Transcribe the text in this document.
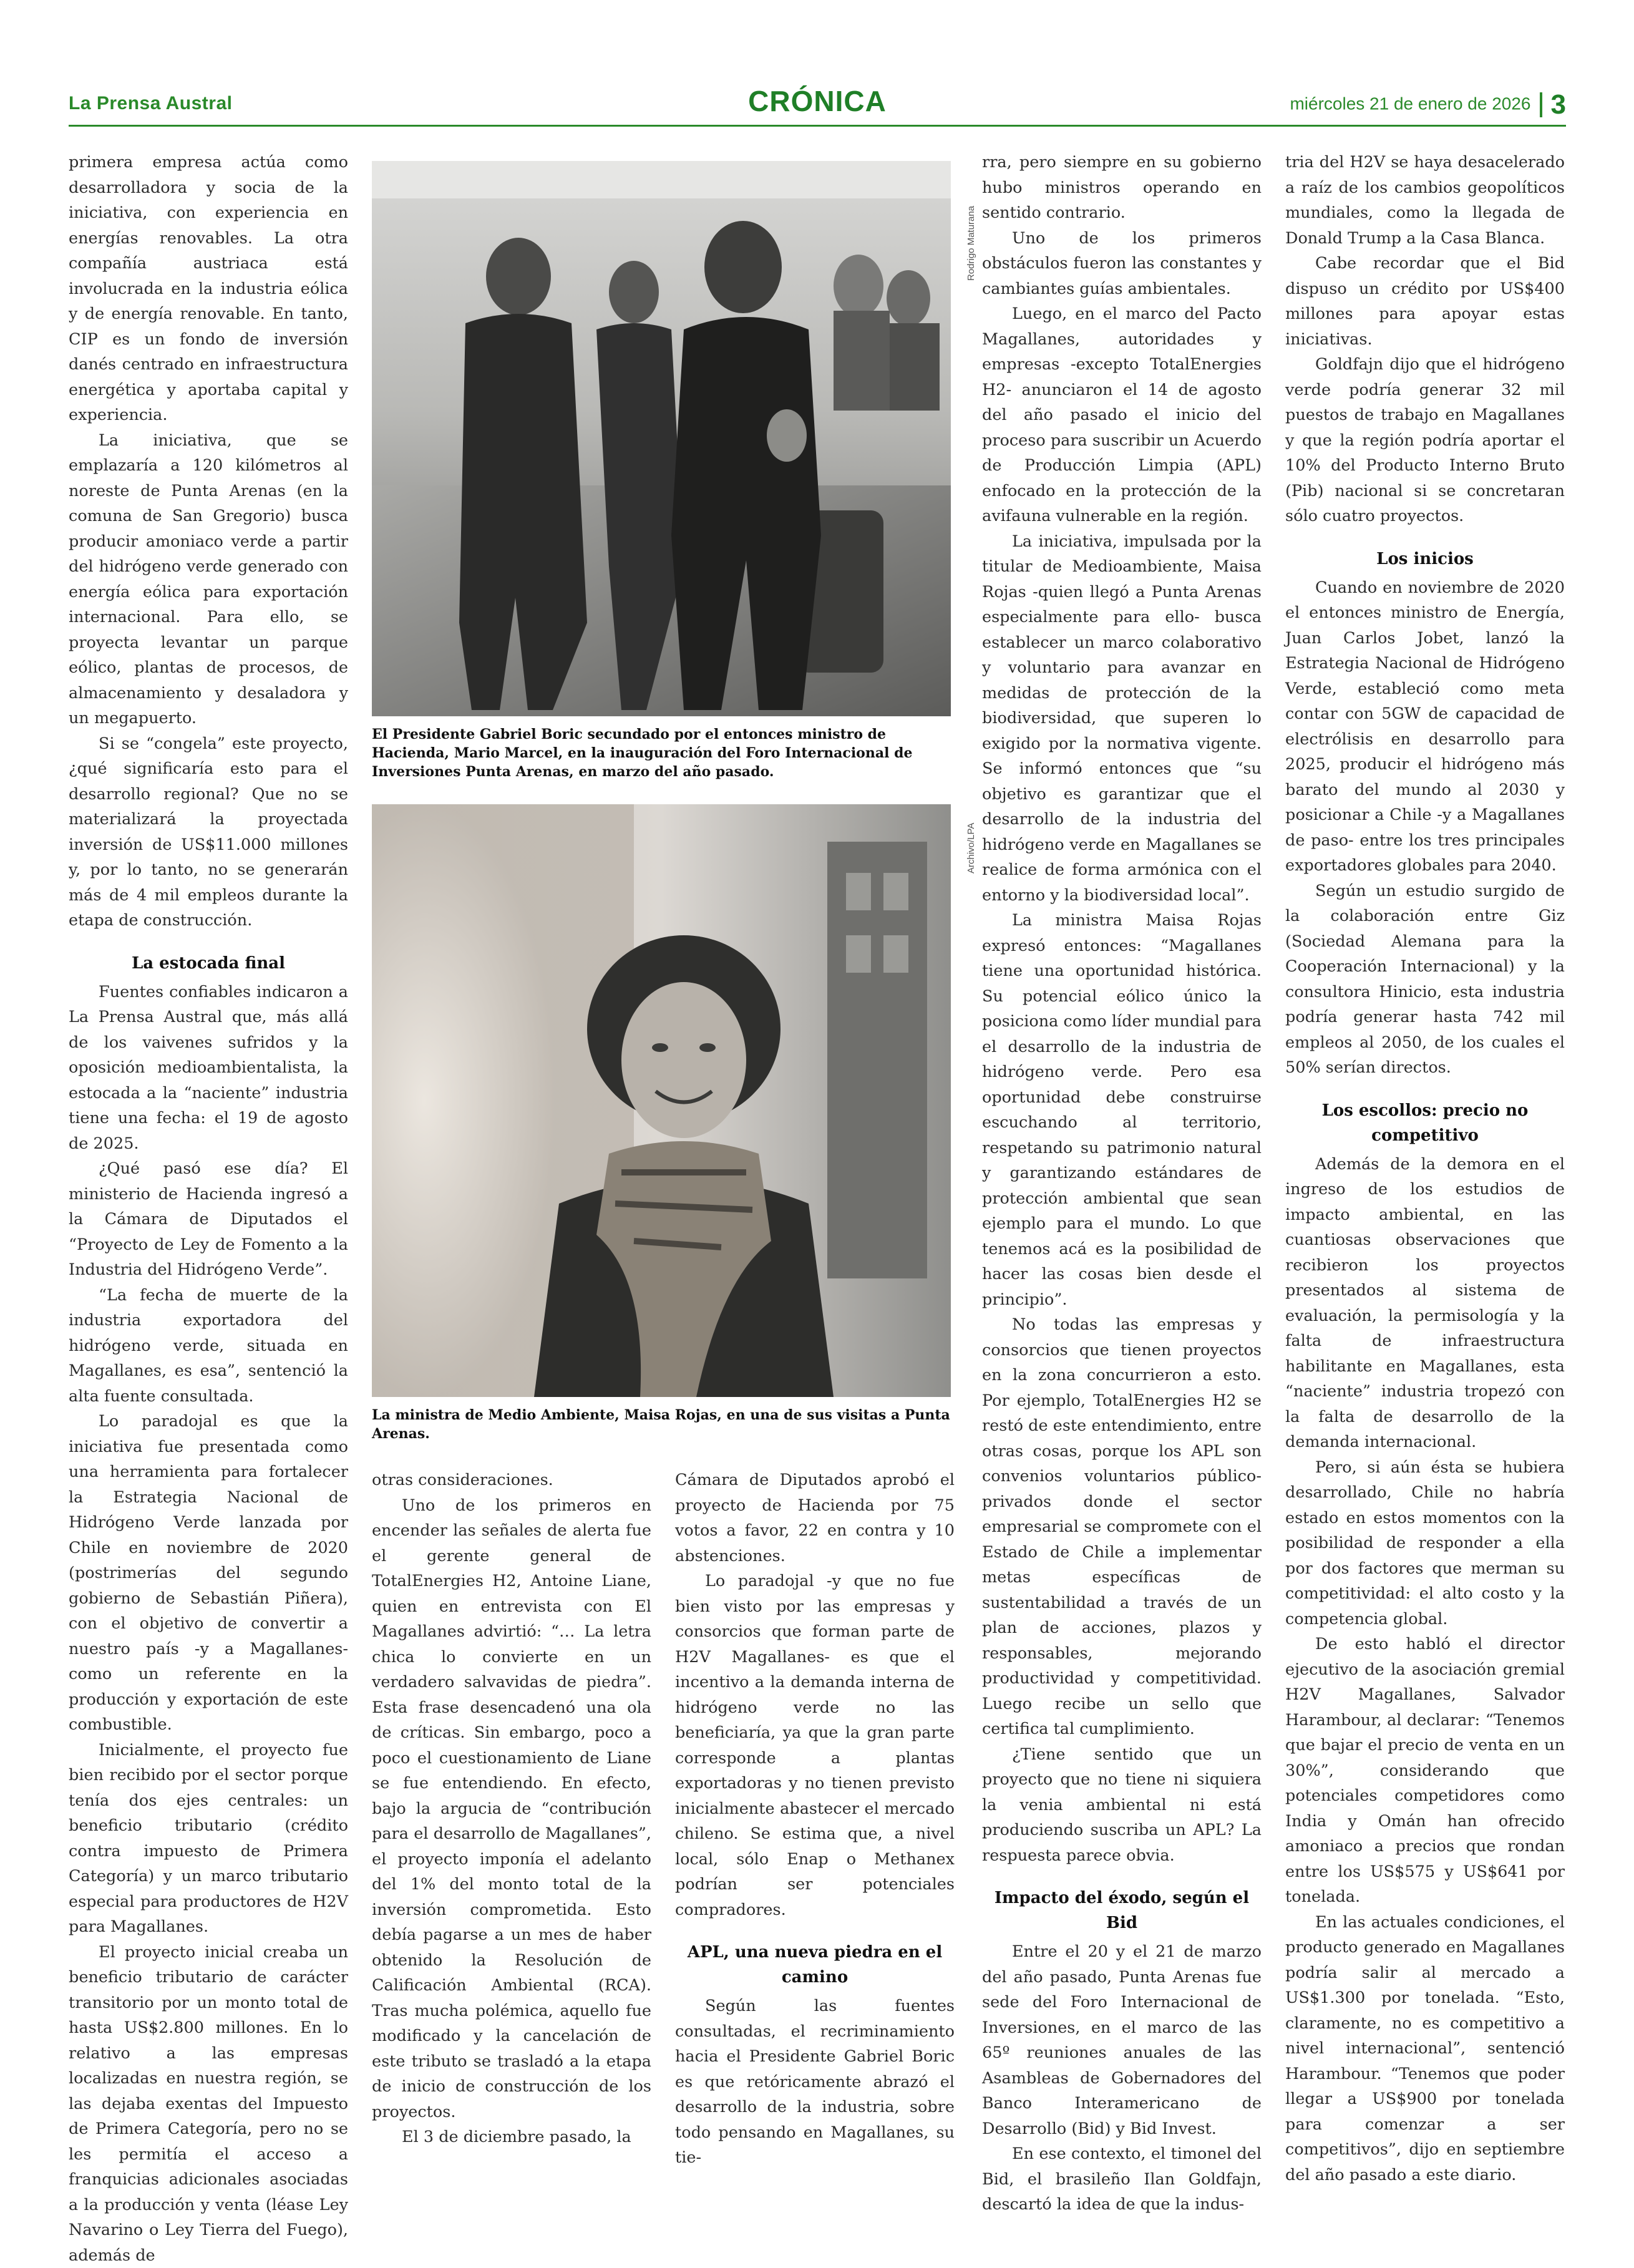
La Prensa Austral	CRÓNICA	miércoles 21 de enero de 2026 3

primera empresa actúa como desarrolladora y socia de la iniciativa, con experiencia en energías renovables. La otra compañía austriaca está involucrada en la industria eólica y de energía renovable. En tanto, CIP es un fondo de inversión danés centrado en infraestructura energética y aportaba capital y experiencia.

La iniciativa, que se emplazaría a 120 kilómetros al noreste de Punta Arenas (en la comuna de San Gregorio) busca producir amoniaco verde a partir del hidrógeno verde generado con energía eólica para exportación internacional. Para ello, se proyecta levantar un parque eólico, plantas de procesos, de almacenamiento y desaladora y un megapuerto.

Si se “congela” este proyecto, ¿qué significaría esto para el desarrollo regional? Que no se materializará la proyectada inversión de US$11.000 millones y, por lo tanto, no se generarán más de 4 mil empleos durante la etapa de construcción.

La estocada final

Fuentes confiables indicaron a La Prensa Austral que, más allá de los vaivenes sufridos y la oposición medioambientalista, la estocada a la “naciente” industria tiene una fecha: el 19 de agosto de 2025.

¿Qué pasó ese día? El ministerio de Hacienda ingresó a la Cámara de Diputados el “Proyecto de Ley de Fomento a la Industria del Hidrógeno Verde”.

“La fecha de muerte de la industria exportadora del hidrógeno verde, situada en Magallanes, es esa”, sentenció la alta fuente consultada.

Lo paradojal es que la iniciativa fue presentada como una herramienta para fortalecer la Estrategia Nacional de Hidrógeno Verde lanzada por Chile en noviembre de 2020 (postrimerías del segundo gobierno de Sebastián Piñera), con el objetivo de convertir a nuestro país -y a Magallanes- como un referente en la producción y exportación de este combustible.

Inicialmente, el proyecto fue bien recibido por el sector porque tenía dos ejes centrales: un beneficio tributario (crédito contra impuesto de Primera Categoría) y un marco tributario especial para productores de H2V para Magallanes.

El proyecto inicial creaba un beneficio tributario de carácter transitorio por un monto total de hasta US$2.800 millones. En lo relativo a las empresas localizadas en nuestra región, se las dejaba exentas del Impuesto de Primera Categoría, pero no se les permitía el acceso a franquicias adicionales asociadas a la producción y venta (léase Ley Navarino o Ley Tierra del Fuego), además de

Rodrigo Maturana
El Presidente Gabriel Boric secundado por el entonces ministro de Hacienda, Mario Marcel, en la inauguración del Foro Internacional de Inversiones Punta Arenas, en marzo del año pasado.
Archivo/LPA
La ministra de Medio Ambiente, Maisa Rojas, en una de sus visitas a Punta Arenas.

otras consideraciones.

Uno de los primeros en encender las señales de alerta fue el gerente general de TotalEnergies H2, Antoine Liane, quien en entrevista con El Magallanes advirtió: “… La letra chica lo convierte en un verdadero salvavidas de piedra”. Esta frase desencadenó una ola de críticas. Sin embargo, poco a poco el cuestionamiento de Liane se fue entendiendo. En efecto, bajo la argucia de “contribución para el desarrollo de Magallanes”, el proyecto imponía el adelanto del 1% del monto total de la inversión comprometida. Esto debía pagarse a un mes de haber obtenido la Resolución de Calificación Ambiental (RCA). Tras mucha polémica, aquello fue modificado y la cancelación de este tributo se trasladó a la etapa de inicio de construcción de los proyectos.

El 3 de diciembre pasado, la

Cámara de Diputados aprobó el proyecto de Hacienda por 75 votos a favor, 22 en contra y 10 abstenciones.

Lo paradojal -y que no fue bien visto por las empresas y consorcios que forman parte de H2V Magallanes- es que el incentivo a la demanda interna de hidrógeno verde no las beneficiaría, ya que la gran parte corresponde a plantas exportadoras y no tienen previsto inicialmente abastecer el mercado chileno. Se estima que, a nivel local, sólo Enap o Methanex podrían ser potenciales compradores.

APL, una nueva piedra en el camino

Según las fuentes consultadas, el recriminamiento hacia el Presidente Gabriel Boric es que retóricamente abrazó el desarrollo de la industria, sobre todo pensando en Magallanes, su tie-

rra, pero siempre en su gobierno hubo ministros operando en sentido contrario.

Uno de los primeros obstáculos fueron las constantes y cambiantes guías ambientales.

Luego, en el marco del Pacto Magallanes, autoridades y empresas -excepto TotalEnergies H2- anunciaron el 14 de agosto del año pasado el inicio del proceso para suscribir un Acuerdo de Producción Limpia (APL) enfocado en la protección de la avifauna vulnerable en la región.

La iniciativa, impulsada por la titular de Medioambiente, Maisa Rojas -quien llegó a Punta Arenas especialmente para ello- busca establecer un marco colaborativo y voluntario para avanzar en medidas de protección de la biodiversidad, que superen lo exigido por la normativa vigente. Se informó entonces que “su objetivo es garantizar que el desarrollo de la industria del hidrógeno verde en Magallanes se realice de forma armónica con el entorno y la biodiversidad local”.

La ministra Maisa Rojas expresó entonces: “Magallanes tiene una oportunidad histórica. Su potencial eólico único la posiciona como líder mundial para el desarrollo de la industria de hidrógeno verde. Pero esa oportunidad debe construirse escuchando al territorio, respetando su patrimonio natural y garantizando estándares de protección ambiental que sean ejemplo para el mundo. Lo que tenemos acá es la posibilidad de hacer las cosas bien desde el principio”.

No todas las empresas y consorcios que tienen proyectos en la zona concurrieron a esto. Por ejemplo, TotalEnergies H2 se restó de este entendimiento, entre otras cosas, porque los APL son convenios voluntarios público-privados donde el sector empresarial se compromete con el Estado de Chile a implementar metas específicas de sustentabilidad a través de un plan de acciones, plazos y responsables, mejorando productividad y competitividad. Luego recibe un sello que certifica tal cumplimiento.

¿Tiene sentido que un proyecto que no tiene ni siquiera la venia ambiental ni está produciendo suscriba un APL? La respuesta parece obvia.

Impacto del éxodo, según el Bid

Entre el 20 y el 21 de marzo del año pasado, Punta Arenas fue sede del Foro Internacional de Inversiones, en el marco de las 65º reuniones anuales de las Asambleas de Gobernadores del Banco Interamericano de Desarrollo (Bid) y Bid Invest.

En ese contexto, el timonel del Bid, el brasileño Ilan Goldfajn, descartó la idea de que la indus-

tria del H2V se haya desacelerado a raíz de los cambios geopolíticos mundiales, como la llegada de Donald Trump a la Casa Blanca.

Cabe recordar que el Bid dispuso un crédito por US$400 millones para apoyar estas iniciativas.

Goldfajn dijo que el hidrógeno verde podría generar 32 mil puestos de trabajo en Magallanes y que la región podría aportar el 10% del Producto Interno Bruto (Pib) nacional si se concretaran sólo cuatro proyectos.

Los inicios

Cuando en noviembre de 2020 el entonces ministro de Energía, Juan Carlos Jobet, lanzó la Estrategia Nacional de Hidrógeno Verde, estableció como meta contar con 5GW de capacidad de electrólisis en desarrollo para 2025, producir el hidrógeno más barato del mundo al 2030 y posicionar a Chile -y a Magallanes de paso- entre los tres principales exportadores globales para 2040.

Según un estudio surgido de la colaboración entre Giz (Sociedad Alemana para la Cooperación Internacional) y la consultora Hinicio, esta industria podría generar hasta 742 mil empleos al 2050, de los cuales el 50% serían directos.

Los escollos: precio no competitivo

Además de la demora en el ingreso de los estudios de impacto ambiental, en las cuantiosas observaciones que recibieron los proyectos presentados al sistema de evaluación, la permisología y la falta de infraestructura habilitante en Magallanes, esta “naciente” industria tropezó con la falta de desarrollo de la demanda internacional.

Pero, si aún ésta se hubiera desarrollado, Chile no habría estado en estos momentos con la posibilidad de responder a ella por dos factores que merman su competitividad: el alto costo y la competencia global.

De esto habló el director ejecutivo de la asociación gremial H2V Magallanes, Salvador Harambour, al declarar: “Tenemos que bajar el precio de venta en un 30%”, considerando que potenciales competidores como India y Omán han ofrecido amoniaco a precios que rondan entre los US$575 y US$641 por tonelada.

En las actuales condiciones, el producto generado en Magallanes podría salir al mercado a US$1.300 por tonelada. “Esto, claramente, no es competitivo a nivel internacional”, sentenció Harambour. “Tenemos que poder llegar a US$900 por tonelada para comenzar a ser competitivos”, dijo en septiembre del año pasado a este diario.
